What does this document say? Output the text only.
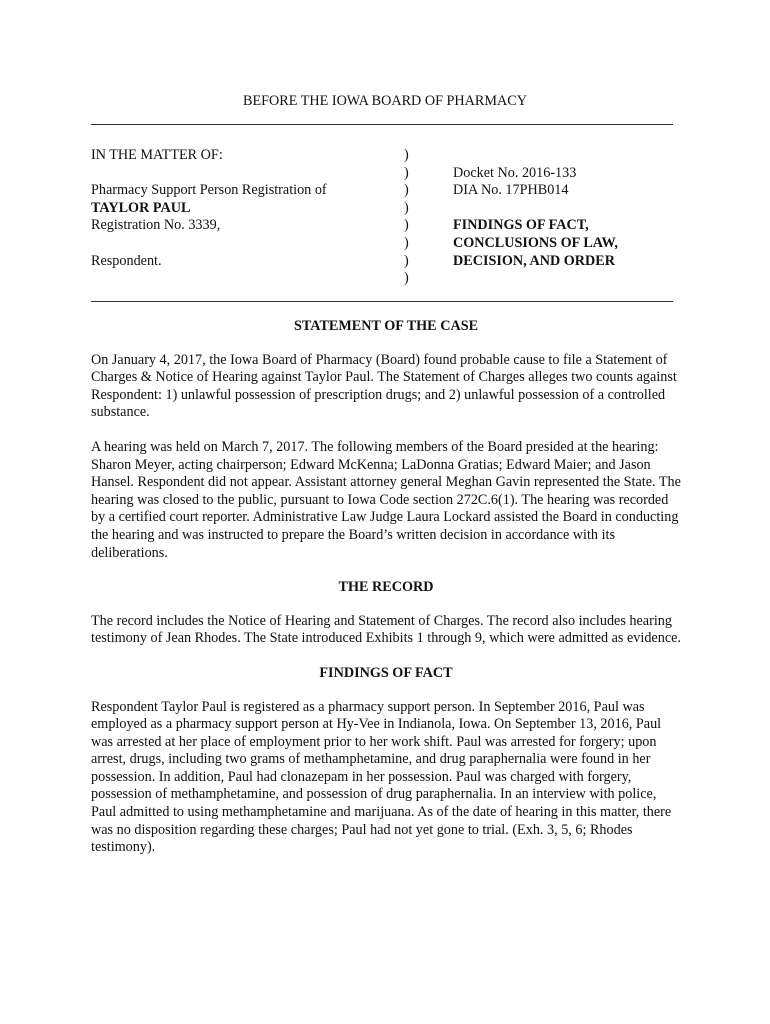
BEFORE THE IOWA BOARD OF PHARMACY
IN THE MATTER OF:
Pharmacy Support Person Registration of
TAYLOR PAUL
Registration No. 3339,
Respondent.
)
)
)
)
)
)
)
)
Docket No. 2016-133
DIA No. 17PHB014
FINDINGS OF FACT,
CONCLUSIONS OF LAW,
DECISION, AND ORDER
STATEMENT OF THE CASE

On January 4, 2017, the Iowa Board of Pharmacy (Board) found probable cause to file a Statement of Charges & Notice of Hearing against Taylor Paul. The Statement of Charges alleges two counts against Respondent: 1) unlawful possession of prescription drugs; and 2) unlawful possession of a controlled substance.

A hearing was held on March 7, 2017. The following members of the Board presided at the hearing: Sharon Meyer, acting chairperson; Edward McKenna; LaDonna Gratias; Edward Maier; and Jason Hansel. Respondent did not appear. Assistant attorney general Meghan Gavin represented the State. The hearing was closed to the public, pursuant to Iowa Code section 272C.6(1). The hearing was recorded by a certified court reporter. Administrative Law Judge Laura Lockard assisted the Board in conducting the hearing and was instructed to prepare the Board’s written decision in accordance with its deliberations.

THE RECORD

The record includes the Notice of Hearing and Statement of Charges. The record also includes hearing testimony of Jean Rhodes. The State introduced Exhibits 1 through 9, which were admitted as evidence.

FINDINGS OF FACT

Respondent Taylor Paul is registered as a pharmacy support person. In September 2016, Paul was employed as a pharmacy support person at Hy-Vee in Indianola, Iowa. On September 13, 2016, Paul was arrested at her place of employment prior to her work shift. Paul was arrested for forgery; upon arrest, drugs, including two grams of methamphetamine, and drug paraphernalia were found in her possession. In addition, Paul had clonazepam in her possession. Paul was charged with forgery, possession of methamphetamine, and possession of drug paraphernalia. In an interview with police, Paul admitted to using methamphetamine and marijuana. As of the date of hearing in this matter, there was no disposition regarding these charges; Paul had not yet gone to trial. (Exh. 3, 5, 6; Rhodes testimony).
